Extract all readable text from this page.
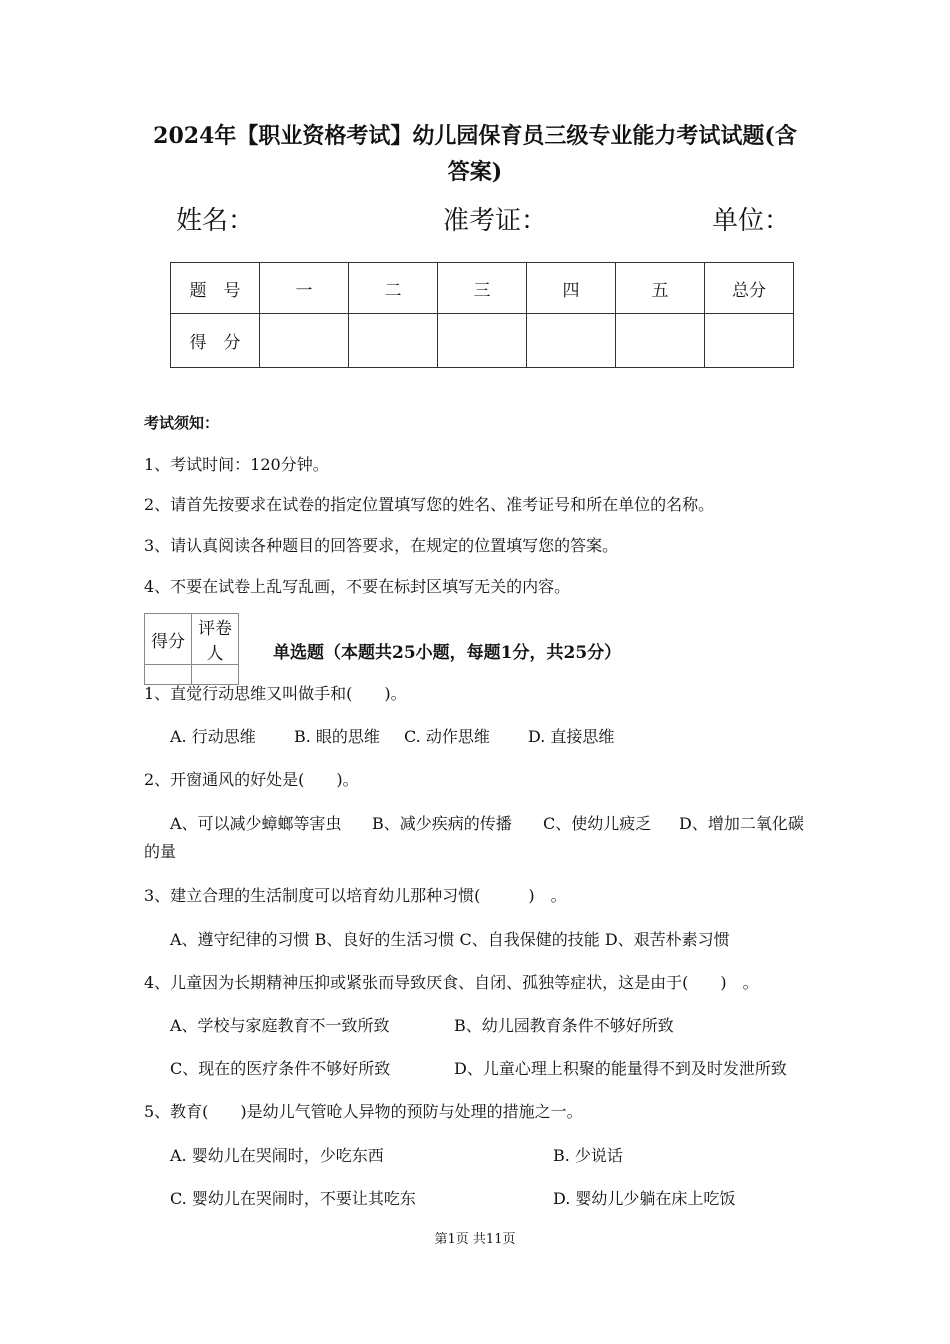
2024年【职业资格考试】幼儿园保育员三级专业能力考试试题(含
答案)
姓名：	准考证：	单位：
题　号	一	二	三	四	五	总分
得　分						
考试须知：
1、考试时间：120分钟。
2、请首先按要求在试卷的指定位置填写您的姓名、准考证号和所在单位的名称。
3、请认真阅读各种题目的回答要求，在规定的位置填写您的答案。
4、不要在试卷上乱写乱画，不要在标封区填写无关的内容。
得分	评卷人
		单选题（本题共25小题，每题1分，共25分）
1、直觉行动思维又叫做手和(　　)。
A. 行动思维 B. 眼的思维 C. 动作思维 D. 直接思维
2、开窗通风的好处是(　　)。
A、可以减少蟑螂等害虫 B、减少疾病的传播 C、使幼儿疲乏 D、增加二氧化碳
的量
3、建立合理的生活制度可以培育幼儿那种习惯(　　　)　。
A、遵守纪律的习惯 B、良好的生活习惯 C、自我保健的技能 D、艰苦朴素习惯
4、儿童因为长期精神压抑或紧张而导致厌食、自闭、孤独等症状，这是由于(　　)　。
A、学校与家庭教育不一致所致	B、幼儿园教育条件不够好所致
C、现在的医疗条件不够好所致	D、儿童心理上积聚的能量得不到及时发泄所致
5、教育(　　)是幼儿气管呛人异物的预防与处理的措施之一。
A. 婴幼儿在哭闹时，少吃东西	B. 少说话
C. 婴幼儿在哭闹时，不要让其吃东	D. 婴幼儿少躺在床上吃饭
第1页 共11页
